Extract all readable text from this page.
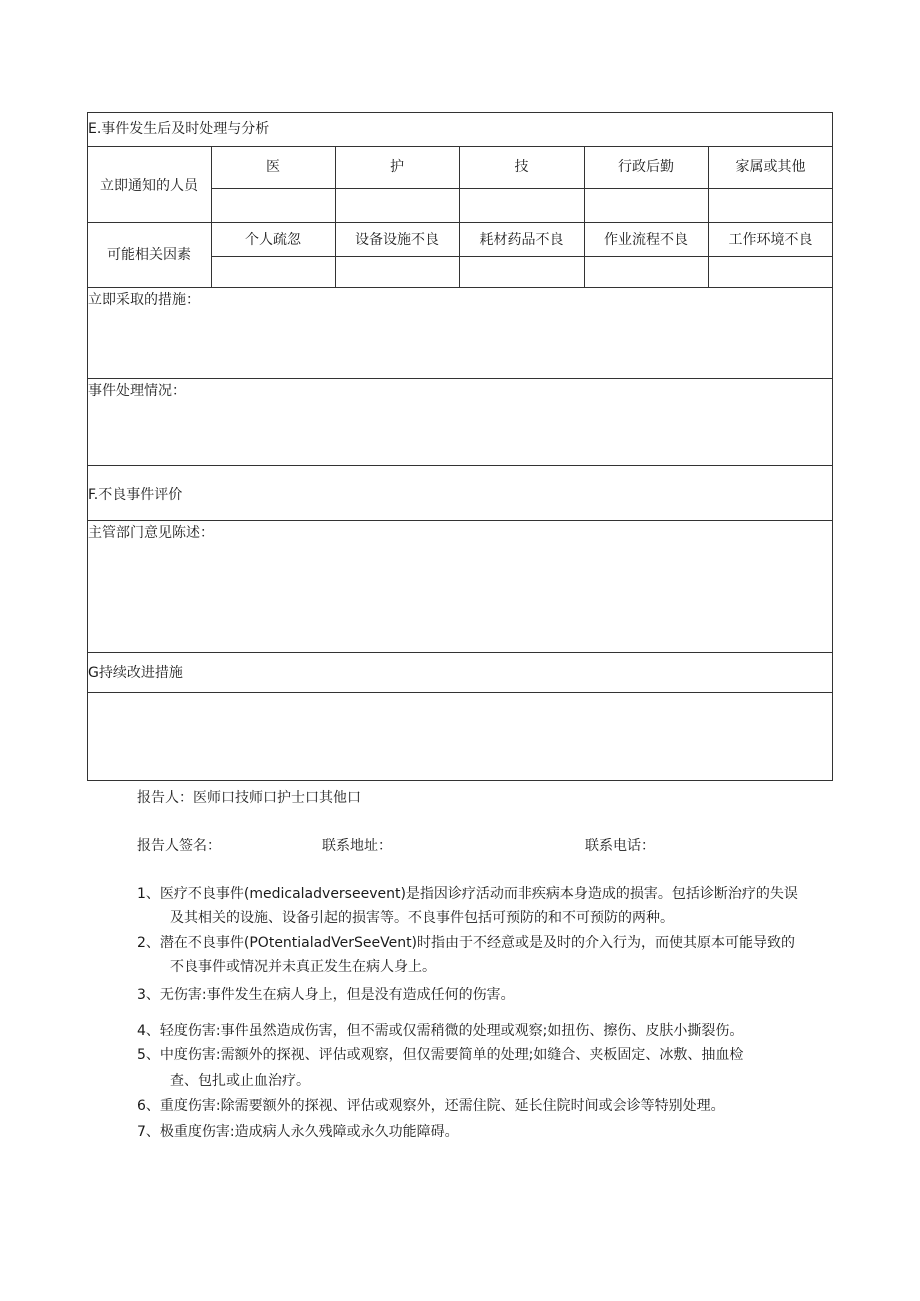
E.事件发生后及时处理与分析
立即通知的人员
医	护	技	行政后勤	家属或其他
可能相关因素
个人疏忽	设备设施不良	耗材药品不良	作业流程不良	工作环境不良
立即采取的措施：
事件处理情况：
F.不良事件评价
主管部门意见陈述：
G持续改进措施
报告人：医师口技师口护士口其他口
报告人签名：	联系地址：	联系电话：
1、医疗不良事件(medicaladverseevent)是指因诊疗活动而非疾病本身造成的损害。包括诊断治疗的失误
及其相关的设施、设备引起的损害等。不良事件包括可预防的和不可预防的两种。
2、潜在不良事件(POtentialadVerSeeVent)时指由于不经意或是及时的介入行为，而使其原本可能导致的
不良事件或情况并未真正发生在病人身上。
3、无伤害:事件发生在病人身上，但是没有造成任何的伤害。
4、轻度伤害:事件虽然造成伤害，但不需或仅需稍微的处理或观察;如扭伤、擦伤、皮肤小撕裂伤。
5、中度伤害:需额外的探视、评估或观察，但仅需要简单的处理;如缝合、夹板固定、冰敷、抽血检
查、包扎或止血治疗。
6、重度伤害:除需要额外的探视、评估或观察外，还需住院、延长住院时间或会诊等特别处理。
7、极重度伤害:造成病人永久残障或永久功能障碍。
